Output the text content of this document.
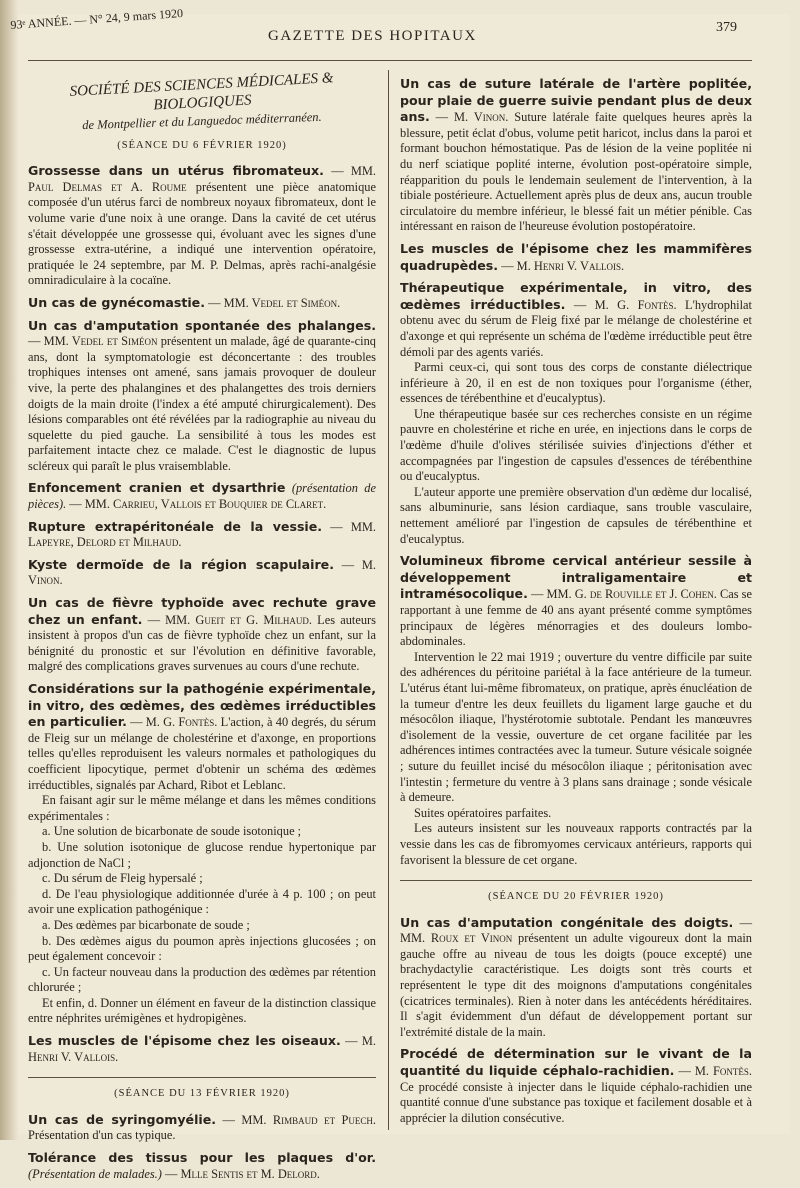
93ᵉ ANNÉE. — N° 24, 9 mars 1920
GAZETTE DES HOPITAUX
379
SOCIÉTÉ DES SCIENCES MÉDICALES & BIOLOGIQUES
de Montpellier et du Languedoc méditerranéen.
(SÉANCE DU 6 FÉVRIER 1920)
Grossesse dans un utérus fibromateux. — MM. Paul Delmas et A. Roume présentent une pièce anatomique composée d'un utérus farci de nombreux noyaux fibromateux, dont le volume varie d'une noix à une orange. Dans la cavité de cet utérus s'était développée une grossesse qui, évoluant avec les signes d'une grossesse extra-utérine, a indiqué une intervention opératoire, pratiquée le 24 septembre, par M. P. Delmas, après rachi-analgésie omniradiculaire à la cocaïne.
Un cas de gynécomastie. — MM. Vedel et Siméon.
Un cas d'amputation spontanée des phalanges. — MM. Vedel et Siméon présentent un malade, âgé de quarante-cinq ans, dont la symptomatologie est déconcertante : des troubles trophiques intenses ont amené, sans jamais provoquer de douleur vive, la perte des phalangines et des phalangettes des trois derniers doigts de la main droite (l'index a été amputé chirurgicalement). Des lésions comparables ont été révélées par la radiographie au niveau du squelette du pied gauche. La sensibilité à tous les modes est parfaitement intacte chez ce malade. C'est le diagnostic de lupus scléreux qui paraît le plus vraisemblable.
Enfoncement cranien et dysarthrie (présentation de pièces). — MM. Carrieu, Vallois et Bouquier de Claret.
Rupture extrapéritonéale de la vessie. — MM. Lapeyre, Delord et Milhaud.
Kyste dermoïde de la région scapulaire. — M. Vinon.
Un cas de fièvre typhoïde avec rechute grave chez un enfant. — MM. Gueit et G. Milhaud. Les auteurs insistent à propos d'un cas de fièvre typhoïde chez un enfant, sur la bénignité du pronostic et sur l'évolution en définitive favorable, malgré des complications graves survenues au cours d'une rechute.
Considérations sur la pathogénie expérimentale, in vitro, des œdèmes, des œdèmes irréductibles en particulier. — M. G. Fontès. L'action, à 40 degrés, du sérum de Fleig sur un mélange de cholestérine et d'axonge, en proportions telles qu'elles reproduisent les valeurs normales et pathologiques du coefficient lipocytique, permet d'obtenir un schéma des œdèmes irréductibles, signalés par Achard, Ribot et Leblanc.

En faisant agir sur le même mélange et dans les mêmes conditions expérimentales :

a. Une solution de bicarbonate de soude isotonique ;

b. Une solution isotonique de glucose rendue hypertonique par adjonction de NaCl ;

c. Du sérum de Fleig hypersalé ;

d. De l'eau physiologique additionnée d'urée à 4 p. 100 ; on peut avoir une explication pathogénique :

a. Des œdèmes par bicarbonate de soude ;

b. Des œdèmes aigus du poumon après injections glucosées ; on peut également concevoir :

c. Un facteur nouveau dans la production des œdèmes par rétention chlorurée ;

Et enfin, d. Donner un élément en faveur de la distinction classique entre néphrites urémigènes et hydropigènes.

Les muscles de l'épisome chez les oiseaux. — M. Henri V. Vallois.
(SÉANCE DU 13 FÉVRIER 1920)
Un cas de syringomyélie. — MM. Rimbaud et Puech. Présentation d'un cas typique.
Tolérance des tissus pour les plaques d'or. (Présentation de malades.) — Mlle Sentis et M. Delord.
Un cas de suture latérale de l'artère poplitée, pour plaie de guerre suivie pendant plus de deux ans. — M. Vinon. Suture latérale faite quelques heures après la blessure, petit éclat d'obus, volume petit haricot, inclus dans la paroi et formant bouchon hémostatique. Pas de lésion de la veine poplitée ni du nerf sciatique poplité interne, évolution post-opératoire simple, réapparition du pouls le lendemain seulement de l'intervention, à la tibiale postérieure. Actuellement après plus de deux ans, aucun trouble circulatoire du membre inférieur, le blessé fait un métier pénible. Cas intéressant en raison de l'heureuse évolution postopératoire.
Les muscles de l'épisome chez les mammifères quadrupèdes. — M. Henri V. Vallois.
Thérapeutique expérimentale, in vitro, des œdèmes irréductibles. — M. G. Fontès. L'hydrophilat obtenu avec du sérum de Fleig fixé par le mélange de cholestérine et d'axonge et qui représente un schéma de l'œdème irréductible peut être démoli par des agents variés.

Parmi ceux-ci, qui sont tous des corps de constante diélectrique inférieure à 20, il en est de non toxiques pour l'organisme (éther, essences de térébenthine et d'eucalyptus).

Une thérapeutique basée sur ces recherches consiste en un régime pauvre en cholestérine et riche en urée, en injections dans le corps de l'œdème d'huile d'olives stérilisée suivies d'injections d'éther et accompagnées par l'ingestion de capsules d'essences de térébenthine ou d'eucalyptus.

L'auteur apporte une première observation d'un œdème dur localisé, sans albuminurie, sans lésion cardiaque, sans trouble vasculaire, nettement amélioré par l'ingestion de capsules de térébenthine et d'eucalyptus.

Volumineux fibrome cervical antérieur sessile à développement intraligamentaire et intramésocolique. — MM. G. de Rouville et J. Cohen. Cas se rapportant à une femme de 40 ans ayant présenté comme symptômes principaux de légères ménorragies et des douleurs lombo-abdominales.

Intervention le 22 mai 1919 ; ouverture du ventre difficile par suite des adhérences du péritoine pariétal à la face antérieure de la tumeur. L'utérus étant lui-même fibromateux, on pratique, après énucléation de la tumeur d'entre les deux feuillets du ligament large gauche et du mésocôlon iliaque, l'hystérotomie subtotale. Pendant les manœuvres d'isolement de la vessie, ouverture de cet organe facilitée par les adhérences intimes contractées avec la tumeur. Suture vésicale soignée ; suture du feuillet incisé du mésocôlon iliaque ; péritonisation avec l'intestin ; fermeture du ventre à 3 plans sans drainage ; sonde vésicale à demeure.

Suites opératoires parfaites.

Les auteurs insistent sur les nouveaux rapports contractés par la vessie dans les cas de fibromyomes cervicaux antérieurs, rapports qui favorisent la blessure de cet organe.

(SÉANCE DU 20 FÉVRIER 1920)
Un cas d'amputation congénitale des doigts. — MM. Roux et Vinon présentent un adulte vigoureux dont la main gauche offre au niveau de tous les doigts (pouce excepté) une brachydactylie caractéristique. Les doigts sont très courts et représentent le type dit des moignons d'amputations congénitales (cicatrices terminales). Rien à noter dans les antécédents héréditaires. Il s'agit évidemment d'un défaut de développement portant sur l'extrémité distale de la main.
Procédé de détermination sur le vivant de la quantité du liquide céphalo-rachidien. — M. Fontès. Ce procédé consiste à injecter dans le liquide céphalo-rachidien une quantité connue d'une substance pas toxique et facilement dosable et à apprécier la dilution consécutive.
